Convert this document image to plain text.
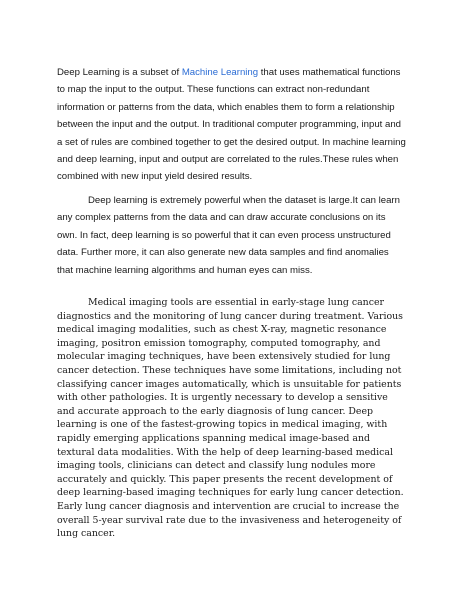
Deep Learning is a subset of Machine Learning that uses mathematical functions
to map the input to the output. These functions can extract non-redundant
information or patterns from the data, which enables them to form a relationship
between the input and the output. In traditional computer programming, input and
a set of rules are combined together to get the desired output. In machine learning
and deep learning, input and output are correlated to the rules.These rules when
combined with new input yield desired results.
Deep learning is extremely powerful when the dataset is large.It can learn
any complex patterns from the data and can draw accurate conclusions on its
own. In fact, deep learning is so powerful that it can even process unstructured
data. Further more, it can also generate new data samples and find anomalies
that machine learning algorithms and human eyes can miss.
Medical imaging tools are essential in early-stage lung cancer
diagnostics and the monitoring of lung cancer during treatment. Various
medical imaging modalities, such as chest X-ray, magnetic resonance
imaging, positron emission tomography, computed tomography, and
molecular imaging techniques, have been extensively studied for lung
cancer detection. These techniques have some limitations, including not
classifying cancer images automatically, which is unsuitable for patients
with other pathologies. It is urgently necessary to develop a sensitive
and accurate approach to the early diagnosis of lung cancer. Deep
learning is one of the fastest-growing topics in medical imaging, with
rapidly emerging applications spanning medical image-based and
textural data modalities. With the help of deep learning-based medical
imaging tools, clinicians can detect and classify lung nodules more
accurately and quickly. This paper presents the recent development of
deep learning-based imaging techniques for early lung cancer detection.
Early lung cancer diagnosis and intervention are crucial to increase the
overall 5-year survival rate due to the invasiveness and heterogeneity of
lung cancer.
